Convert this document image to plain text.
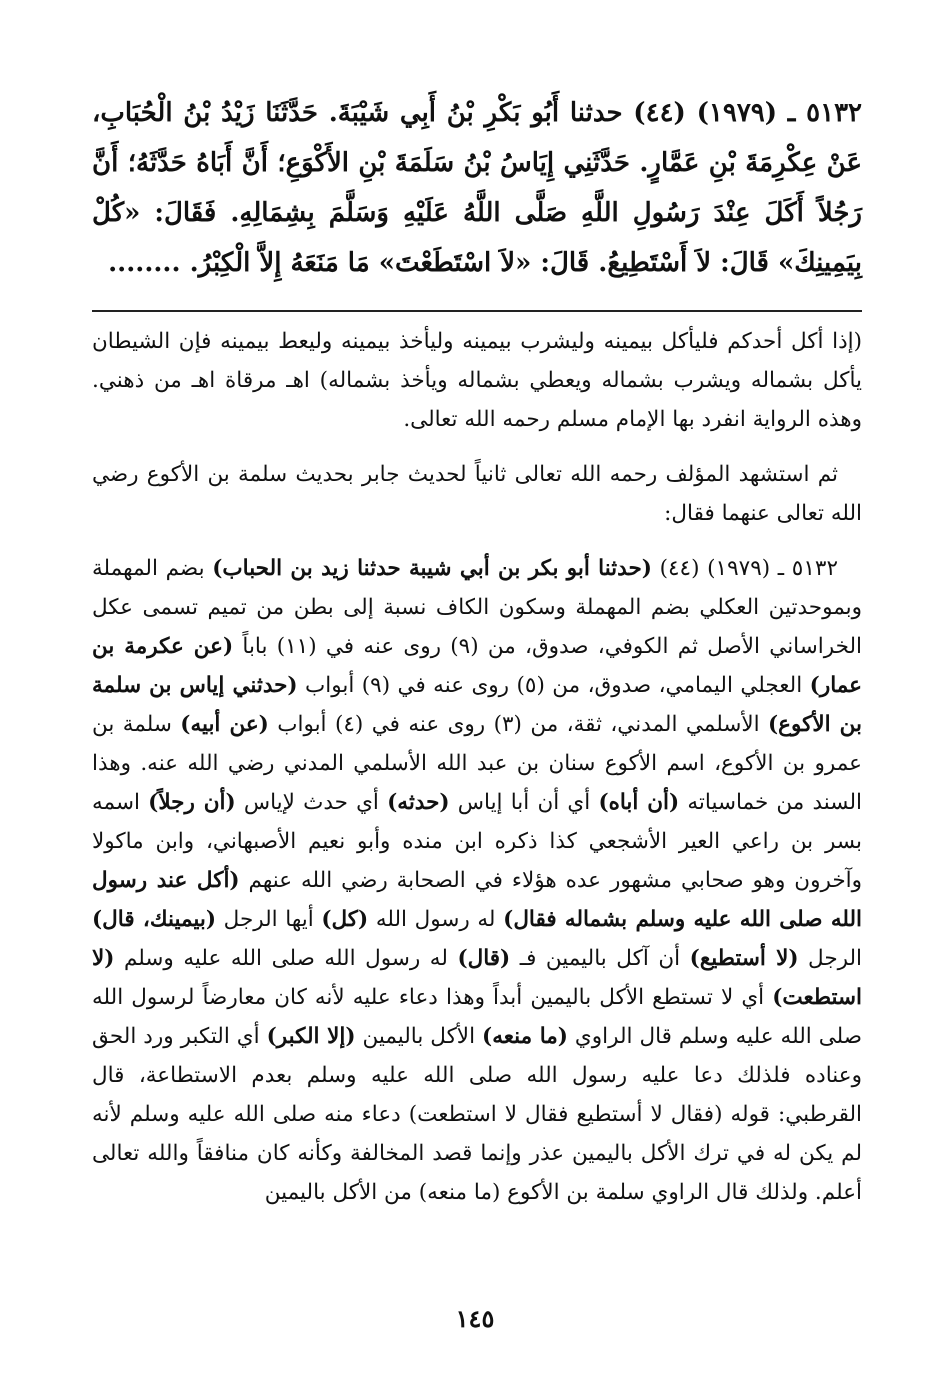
٥١٣٢ ـ (١٩٧٩) (٤٤) حدثنا أَبُو بَكْرِ بْنُ أَبِي شَيْبَةَ. حَدَّثَنَا زَيْدُ بْنُ الْحُبَابِ، عَنْ عِكْرِمَةَ بْنِ عَمَّارٍ. حَدَّثَنِي إِيَاسُ بْنُ سَلَمَةَ بْنِ الأَكْوَعِ؛ أَنَّ أَبَاهُ حَدَّثَهُ؛ أَنَّ رَجُلاً أَكَلَ عِنْدَ رَسُولِ اللَّهِ صَلَّى اللَّهُ عَلَيْهِ وَسَلَّمَ بِشِمَالِهِ. فَقَالَ: «كُلْ بِيَمِينِكَ» قَالَ: لاَ أَسْتَطِيعُ. قَالَ: «لاَ اسْتَطَعْتَ» مَا مَنَعَهُ إِلاَّ الْكِبْرُ. ........

(إذا أكل أحدكم فليأكل بيمينه وليشرب بيمينه وليأخذ بيمينه وليعط بيمينه فإن الشيطان يأكل بشماله ويشرب بشماله ويعطي بشماله ويأخذ بشماله) اهـ مرقاة اهـ من ذهني. وهذه الرواية انفرد بها الإمام مسلم رحمه الله تعالى.

ثم استشهد المؤلف رحمه الله تعالى ثانياً لحديث جابر بحديث سلمة بن الأكوع رضي الله تعالى عنهما فقال:

٥١٣٢ ـ (١٩٧٩) (٤٤) (حدثنا أبو بكر بن أبي شيبة حدثنا زيد بن الحباب) بضم المهملة وبموحدتين العكلي بضم المهملة وسكون الكاف نسبة إلى بطن من تميم تسمى عكل الخراساني الأصل ثم الكوفي، صدوق، من (٩) روى عنه في (١١) باباً (عن عكرمة بن عمار) العجلي اليمامي، صدوق، من (٥) روى عنه في (٩) أبواب (حدثني إياس بن سلمة بن الأكوع) الأسلمي المدني، ثقة، من (٣) روى عنه في (٤) أبواب (عن أبيه) سلمة بن عمرو بن الأكوع، اسم الأكوع سنان بن عبد الله الأسلمي المدني رضي الله عنه. وهذا السند من خماسياته (أن أباه) أي أن أبا إياس (حدثه) أي حدث لإياس (أن رجلاً) اسمه بسر بن راعي العير الأشجعي كذا ذكره ابن منده وأبو نعيم الأصبهاني، وابن ماكولا وآخرون وهو صحابي مشهور عده هؤلاء في الصحابة رضي الله عنهم (أكل عند رسول الله صلى الله عليه وسلم بشماله فقال) له رسول الله (كل) أيها الرجل (بيمينك، قال) الرجل (لا أستطيع) أن آكل باليمين فـ (قال) له رسول الله صلى الله عليه وسلم (لا استطعت) أي لا تستطع الأكل باليمين أبداً وهذا دعاء عليه لأنه كان معارضاً لرسول الله صلى الله عليه وسلم قال الراوي (ما منعه) الأكل باليمين (إلا الكبر) أي التكبر ورد الحق وعناده فلذلك دعا عليه رسول الله صلى الله عليه وسلم بعدم الاستطاعة، قال القرطبي: قوله (فقال لا أستطيع فقال لا استطعت) دعاء منه صلى الله عليه وسلم لأنه لم يكن له في ترك الأكل باليمين عذر وإنما قصد المخالفة وكأنه كان منافقاً والله تعالى أعلم. ولذلك قال الراوي سلمة بن الأكوع (ما منعه) من الأكل باليمين

١٤٥
